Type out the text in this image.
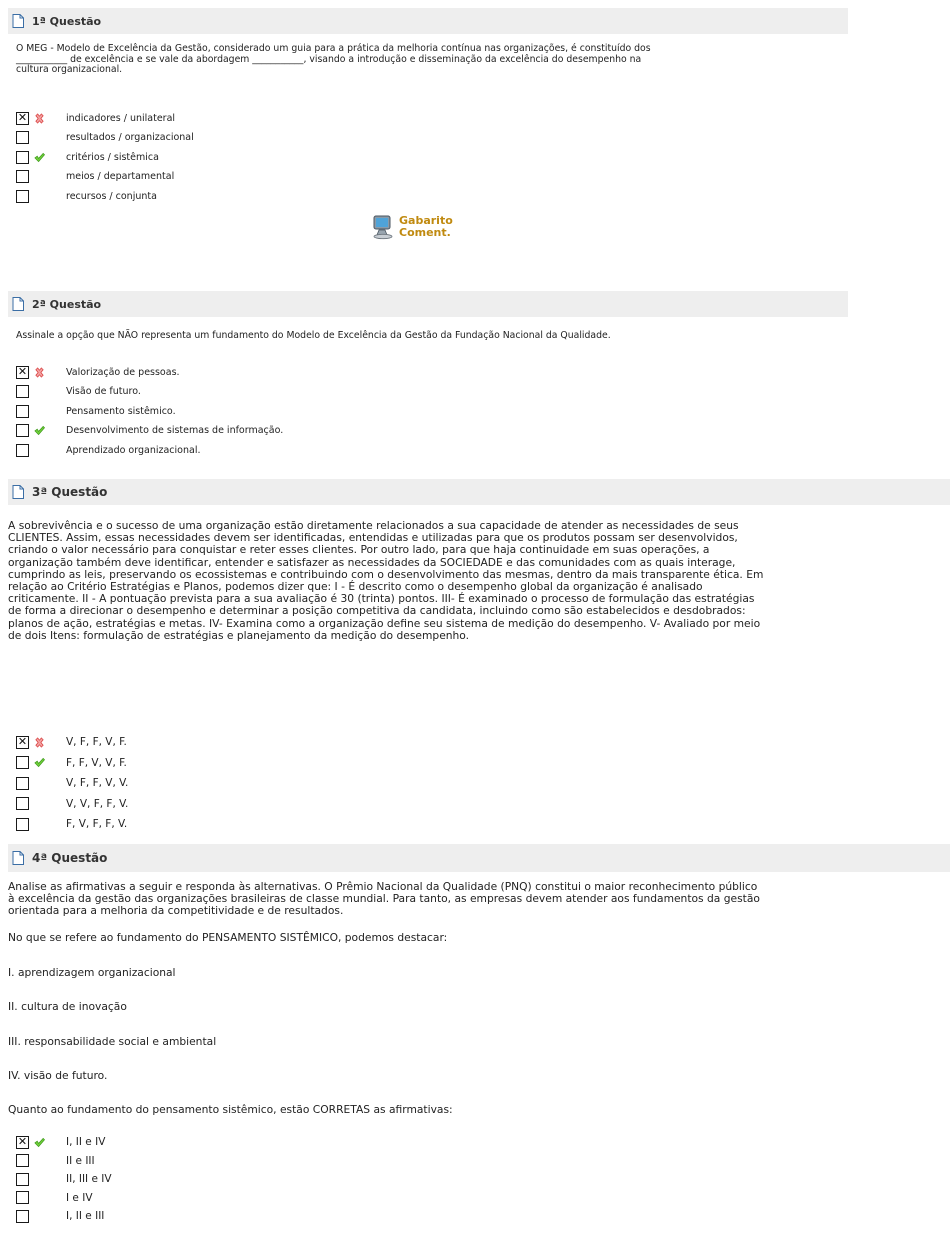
1ª Questão
O MEG - Modelo de Excelência da Gestão, considerado um guia para a prática da melhoria contínua nas organizações, é constituído dos
___________ de excelência e se vale da abordagem ___________, visando a introdução e disseminação da excelência do desempenho na
cultura organizacional.
✕
indicadores / unilateral
resultados / organizacional
critérios / sistêmica
meios / departamental
recursos / conjunta
Gabarito
Coment.
2ª Questão
Assinale a opção que NÃO representa um fundamento do Modelo de Excelência da Gestão da Fundação Nacional da Qualidade.
✕
Valorização de pessoas.
Visão de futuro.
Pensamento sistêmico.
Desenvolvimento de sistemas de informação.
Aprendizado organizacional.
3ª Questão
A sobrevivência e o sucesso de uma organização estão diretamente relacionados a sua capacidade de atender as necessidades de seus
CLIENTES. Assim, essas necessidades devem ser identificadas, entendidas e utilizadas para que os produtos possam ser desenvolvidos,
criando o valor necessário para conquistar e reter esses clientes. Por outro lado, para que haja continuidade em suas operações, a
organização também deve identificar, entender e satisfazer as necessidades da SOCIEDADE e das comunidades com as quais interage,
cumprindo as leis, preservando os ecossistemas e contribuindo com o desenvolvimento das mesmas, dentro da mais transparente ética. Em
relação ao Critério Estratégias e Planos, podemos dizer que: I - É descrito como o desempenho global da organização é analisado
criticamente. II - A pontuação prevista para a sua avaliação é 30 (trinta) pontos. III- É examinado o processo de formulação das estratégias
de forma a direcionar o desempenho e determinar a posição competitiva da candidata, incluindo como são estabelecidos e desdobrados:
planos de ação, estratégias e metas. IV- Examina como a organização define seu sistema de medição do desempenho. V- Avaliado por meio
de dois Itens: formulação de estratégias e planejamento da medição do desempenho.
✕
V, F, F, V, F.
F, F, V, V, F.
V, F, F, V, V.
V, V, F, F, V.
F, V, F, F, V.
4ª Questão
Analise as afirmativas a seguir e responda às alternativas. O Prêmio Nacional da Qualidade (PNQ) constitui o maior reconhecimento público
à excelência da gestão das organizações brasileiras de classe mundial. Para tanto, as empresas devem atender aos fundamentos da gestão
orientada para a melhoria da competitividade e de resultados.
No que se refere ao fundamento do PENSAMENTO SISTÊMICO, podemos destacar:
I. aprendizagem organizacional
II. cultura de inovação
III. responsabilidade social e ambiental
IV. visão de futuro.
Quanto ao fundamento do pensamento sistêmico, estão CORRETAS as afirmativas:
✕
I, II e IV
II e III
II, III e IV
I e IV
I, II e III
